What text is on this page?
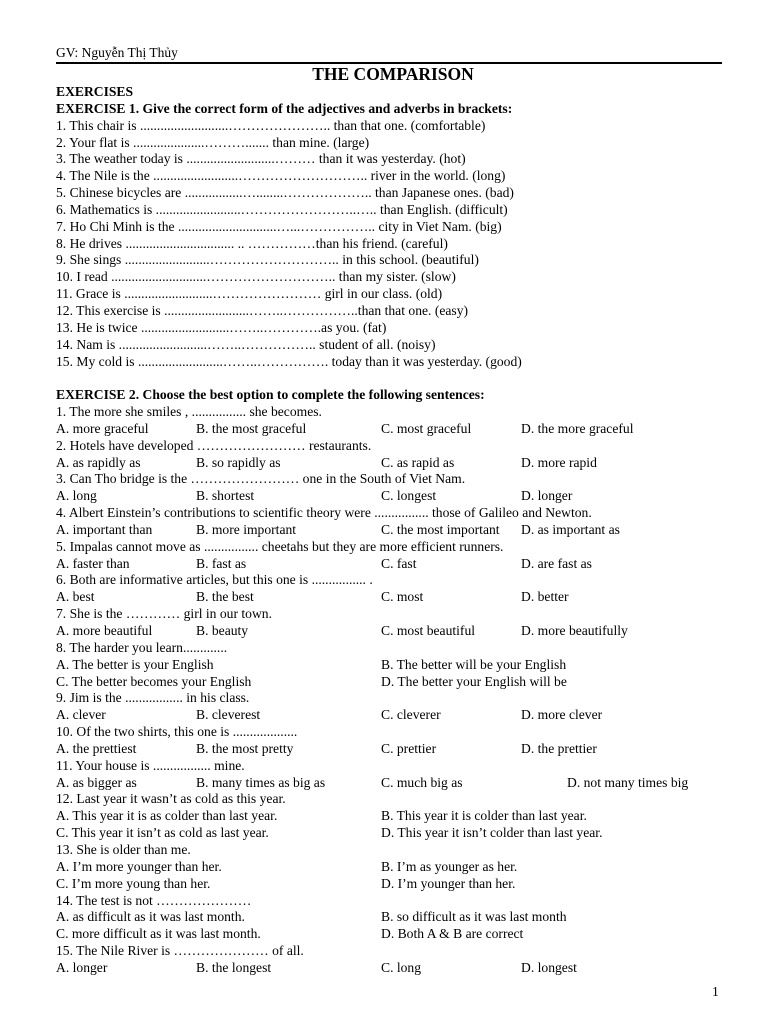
GV: Nguyễn Thị Thủy
THE COMPARISON
EXERCISES
EXERCISE 1. Give the correct form of the adjectives and adverbs in brackets:
1. This chair is ..........................………………….. than that one. (comfortable)
2. Your flat is .....................………....... than mine. (large)
3. The weather today is ..........................……… than it was yesterday. (hot)
4. The Nile is the .........................……………………….. river in the world. (long)
5. Chinese bicycles are .................…........……………….. than Japanese ones. (bad)
6. Mathematics is .........................……………………..….. than English. (difficult)
7. Ho Chi Minh is the .............................…...…………….. city in Viet Nam. (big)
8. He drives ................................ .. ……………than his friend. (careful)
9. She sings .........................……………………….. in this school. (beautiful)
10. I read ............................……………………….. than my sister. (slow)
11. Grace is ..........................…………………… girl in our class. (old)
12. This exercise is .........................……..……………..than that one. (easy)
13. He is twice ..........................……..………….as you. (fat)
14. Nam is ..........................……..…………….. student of all. (noisy)
15. My cold is .........................……..……………. today than it was yesterday. (good)
EXERCISE 2. Choose the best option to complete the following sentences:
1. The more she smiles , ................ she becomes.
A. more graceful	B. the most graceful	C. most graceful	D. the more graceful
2. Hotels have developed …………………… restaurants.
A. as rapidly as	B. so rapidly as	C. as rapid as	D. more rapid
3. Can Tho bridge is the …………………… one in the South of Viet Nam.
A. long	B. shortest	C. longest	D. longer
4. Albert Einstein’s contributions to scientific theory were ................ those of Galileo and Newton.
A. important than	B. more important	C. the most important D. as important as
5. Impalas cannot move as ................ cheetahs but they are more efficient runners.
A. faster than	B. fast as	C. fast	D. are fast as
6. Both are informative articles, but this one is ................ .
A. best	B. the best	C. most	D. better
7. She is the ………… girl in our town.
A. more beautiful	B. beauty	C. most beautiful	D. more beautifully
8. The harder you learn.............
A. The better is your English	B. The better will be your English
C. The better becomes your English	D. The better your English will be
9. Jim is the ................. in his class.
A. clever	B. cleverest	C. cleverer	D. more clever
10. Of the two shirts, this one is ...................
A. the prettiest	B. the most pretty	C. prettier	D. the prettier
11. Your house is ................. mine.
A. as bigger as	B. many times as big as	C. much big as	D. not many times big
12. Last year it wasn’t as cold as this year.
A. This year it is as colder than last year.	B. This year it is colder than last year.
C. This year it isn’t as cold as last year.	D. This year it isn’t colder than last year.
13. She is older than me.
A. I’m more younger than her.	B. I’m as younger as her.
C. I’m more young than her.	D. I’m younger than her.
14. The test is not …………………
A. as difficult as it was last month.	B. so difficult as it was last month
C. more difficult as it was last month.	D. Both A & B are correct
15. The Nile River is ………………… of all.
A. longer	B. the longest	C. long	D. longest
1
